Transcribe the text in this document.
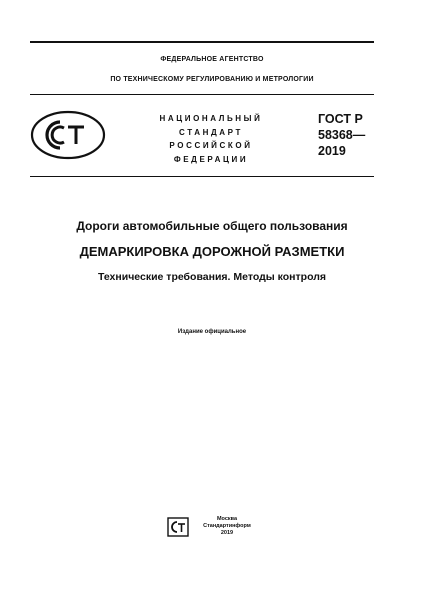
ФЕДЕРАЛЬНОЕ АГЕНТСТВО
ПО ТЕХНИЧЕСКОМУ РЕГУЛИРОВАНИЮ И МЕТРОЛОГИИ
НАЦИОНАЛЬНЫЙ
СТАНДАРТ
РОССИЙСКОЙ
ФЕДЕРАЦИИ
ГОСТ Р
58368—
2019
Дороги автомобильные общего пользования
ДЕМАРКИРОВКА ДОРОЖНОЙ РАЗМЕТКИ
Технические требования. Методы контроля
Издание официальное
Москва
Стандартинформ
2019
